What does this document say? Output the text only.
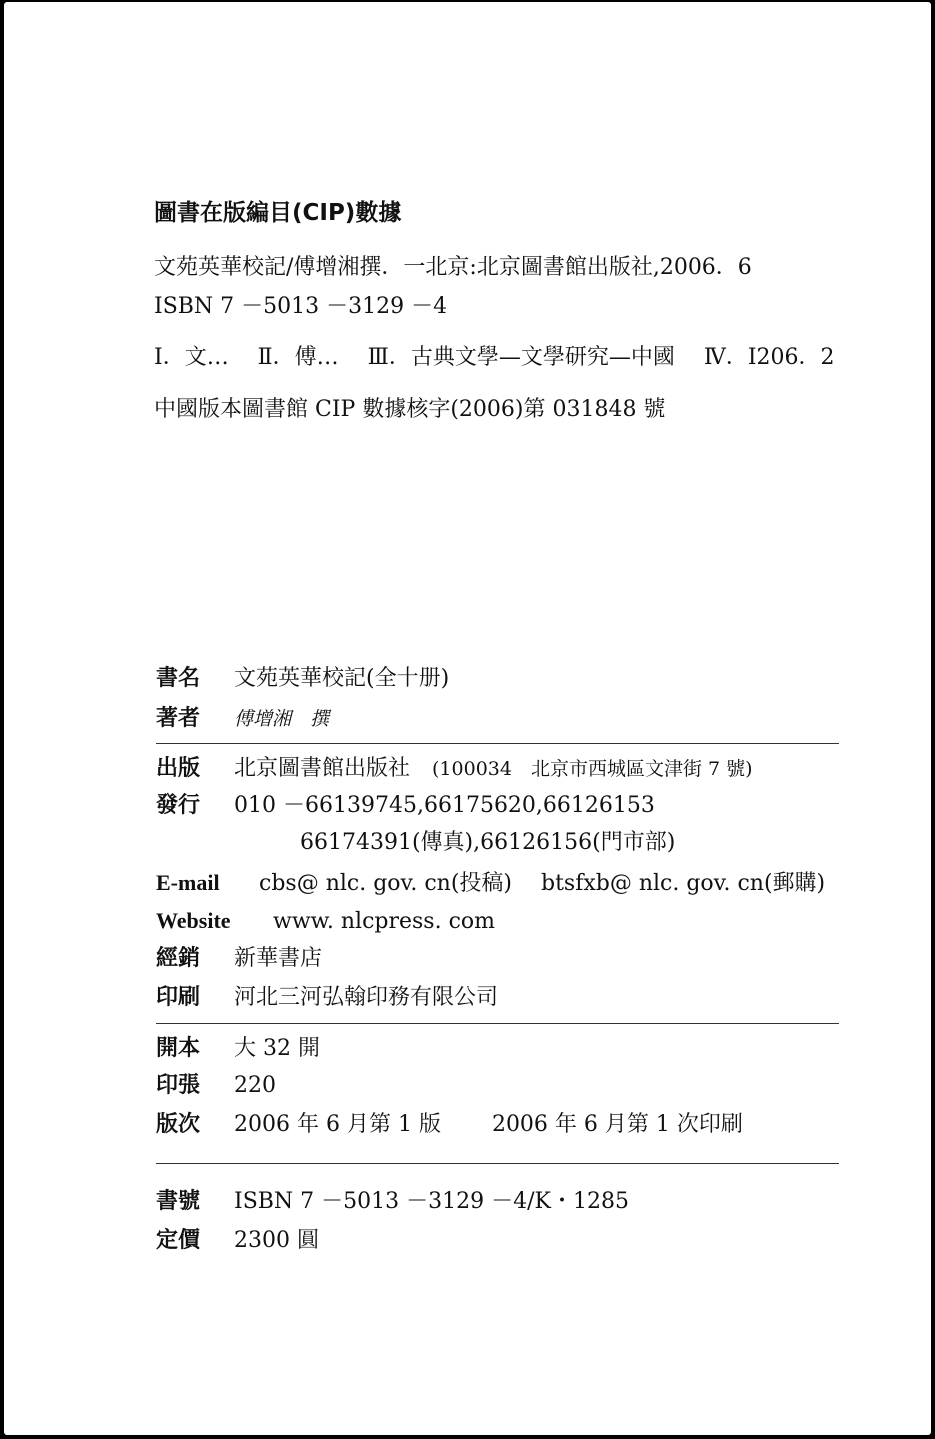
圖書在版編目(CIP)數據
文苑英華校記/傅增湘撰．一北京:北京圖書館出版社,2006．6
ISBN 7 －5013 －3129 －4
Ⅰ．文…　 Ⅱ．傅…　 Ⅲ．古典文學—文學研究—中國　 Ⅳ．I206．2
中國版本圖書館 CIP 數據核字(2006)第 031848 號
書名 文苑英華校記(全十册)
著者 傅增湘　撰
出版 北京圖書館出版社 (100034　北京市西城區文津街 7 號)
發行 010 －66139745,66175620,66126153
66174391(傳真),66126156(門市部)
E-mail cbs@ nlc. gov. cn(投稿)　 btsfxb@ nlc. gov. cn(郵購)
Website www. nlcpress. com
經銷 新華書店
印刷 河北三河弘翰印務有限公司
開本 大 32 開
印張 220
版次 2006 年 6 月第 1 版　　 2006 年 6 月第 1 次印刷
書號 ISBN 7 －5013 －3129 －4/K・1285
定價 2300 圓
